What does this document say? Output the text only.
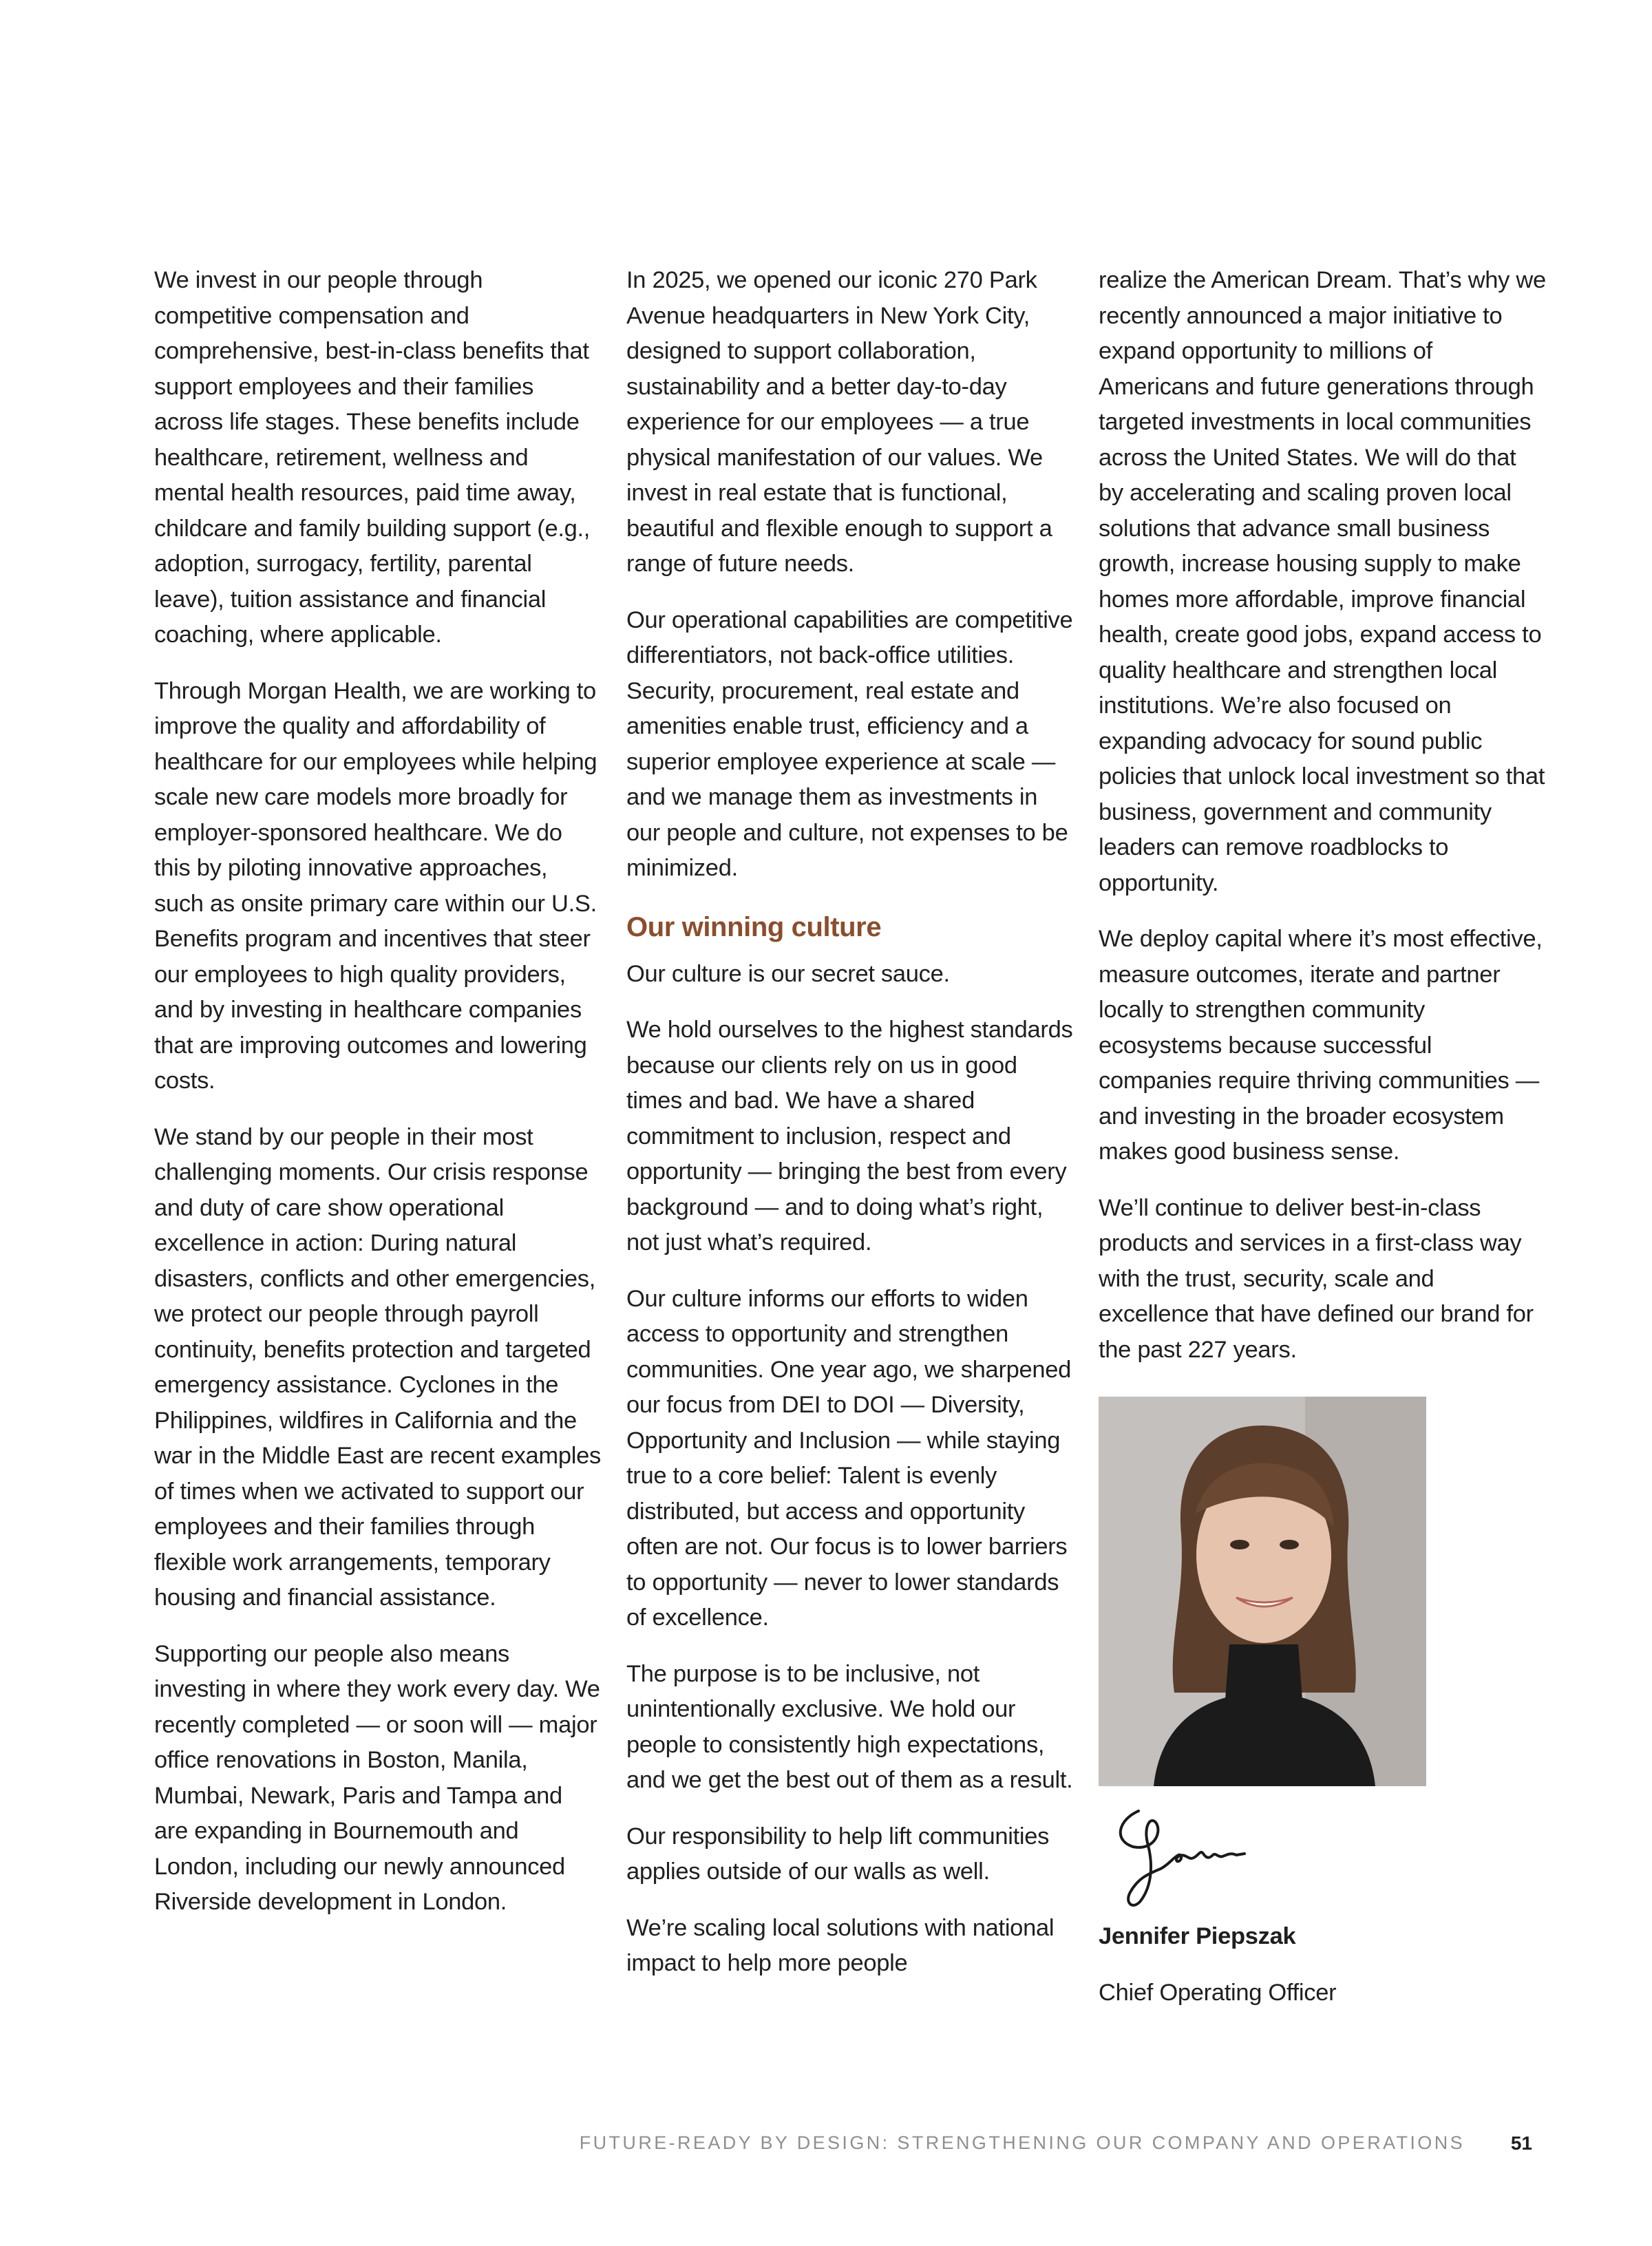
We invest in our people through competitive compensation and comprehensive, best-in-class benefits that support employees and their families across life stages. These benefits include healthcare, retirement, wellness and mental health resources, paid time away, childcare and family building support (e.g., adoption, surrogacy, fertility, parental leave), tuition assistance and financial coaching, where applicable.

Through Morgan Health, we are working to improve the quality and affordability of healthcare for our employees while helping scale new care models more broadly for employer-sponsored healthcare. We do this by piloting innovative approaches, such as onsite primary care within our U.S. Benefits program and incentives that steer our employees to high quality providers, and by investing in healthcare companies that are improving outcomes and lowering costs.

We stand by our people in their most challenging moments. Our crisis response and duty of care show operational excellence in action: During natural disasters, conflicts and other emergencies, we protect our people through payroll continuity, benefits protection and targeted emergency assistance. Cyclones in the Philippines, wildfires in California and the war in the Middle East are recent examples of times when we activated to support our employees and their families through flexible work arrangements, temporary housing and financial assistance.

Supporting our people also means investing in where they work every day. We recently completed — or soon will — major office renovations in Boston, Manila, Mumbai, Newark, Paris and Tampa and are expanding in Bournemouth and London, including our newly announced Riverside development in London.

In 2025, we opened our iconic 270 Park Avenue headquarters in New York City, designed to support collaboration, sustainability and a better day-to-day experience for our employees — a true physical manifestation of our values. We invest in real estate that is functional, beautiful and flexible enough to support a range of future needs.

Our operational capabilities are competitive differentiators, not back-office utilities. Security, procurement, real estate and amenities enable trust, efficiency and a superior employee experience at scale — and we manage them as investments in our people and culture, not expenses to be minimized.

Our winning culture

Our culture is our secret sauce.

We hold ourselves to the highest standards because our clients rely on us in good times and bad. We have a shared commitment to inclusion, respect and opportunity — bringing the best from every background — and to doing what’s right, not just what’s required.

Our culture informs our efforts to widen access to opportunity and strengthen communities. One year ago, we sharpened our focus from DEI to DOI — Diversity, Opportunity and Inclusion — while staying true to a core belief: Talent is evenly distributed, but access and opportunity often are not. Our focus is to lower barriers to opportunity — never to lower standards of excellence.

The purpose is to be inclusive, not unintentionally exclusive. We hold our people to consistently high expectations, and we get the best out of them as a result.

Our responsibility to help lift communities applies outside of our walls as well.

We’re scaling local solutions with national impact to help more people

realize the American Dream. That’s why we recently announced a major initiative to expand opportunity to millions of Americans and future generations through targeted investments in local communities across the United States. We will do that by accelerating and scaling proven local solutions that advance small business growth, increase housing supply to make homes more affordable, improve financial health, create good jobs, expand access to quality healthcare and strengthen local institutions. We’re also focused on expanding advocacy for sound public policies that unlock local investment so that business, government and community leaders can remove roadblocks to opportunity.

We deploy capital where it’s most effective, measure outcomes, iterate and partner locally to strengthen community ecosystems because successful companies require thriving communities — and investing in the broader ecosystem makes good business sense.

We’ll continue to deliver best-in-class products and services in a first-class way with the trust, security, scale and excellence that have defined our brand for the past 227 years.

Jennifer Piepszak

Chief Operating Officer

FUTURE-READY BY DESIGN: STRENGTHENING OUR COMPANY AND OPERATIONS 51
